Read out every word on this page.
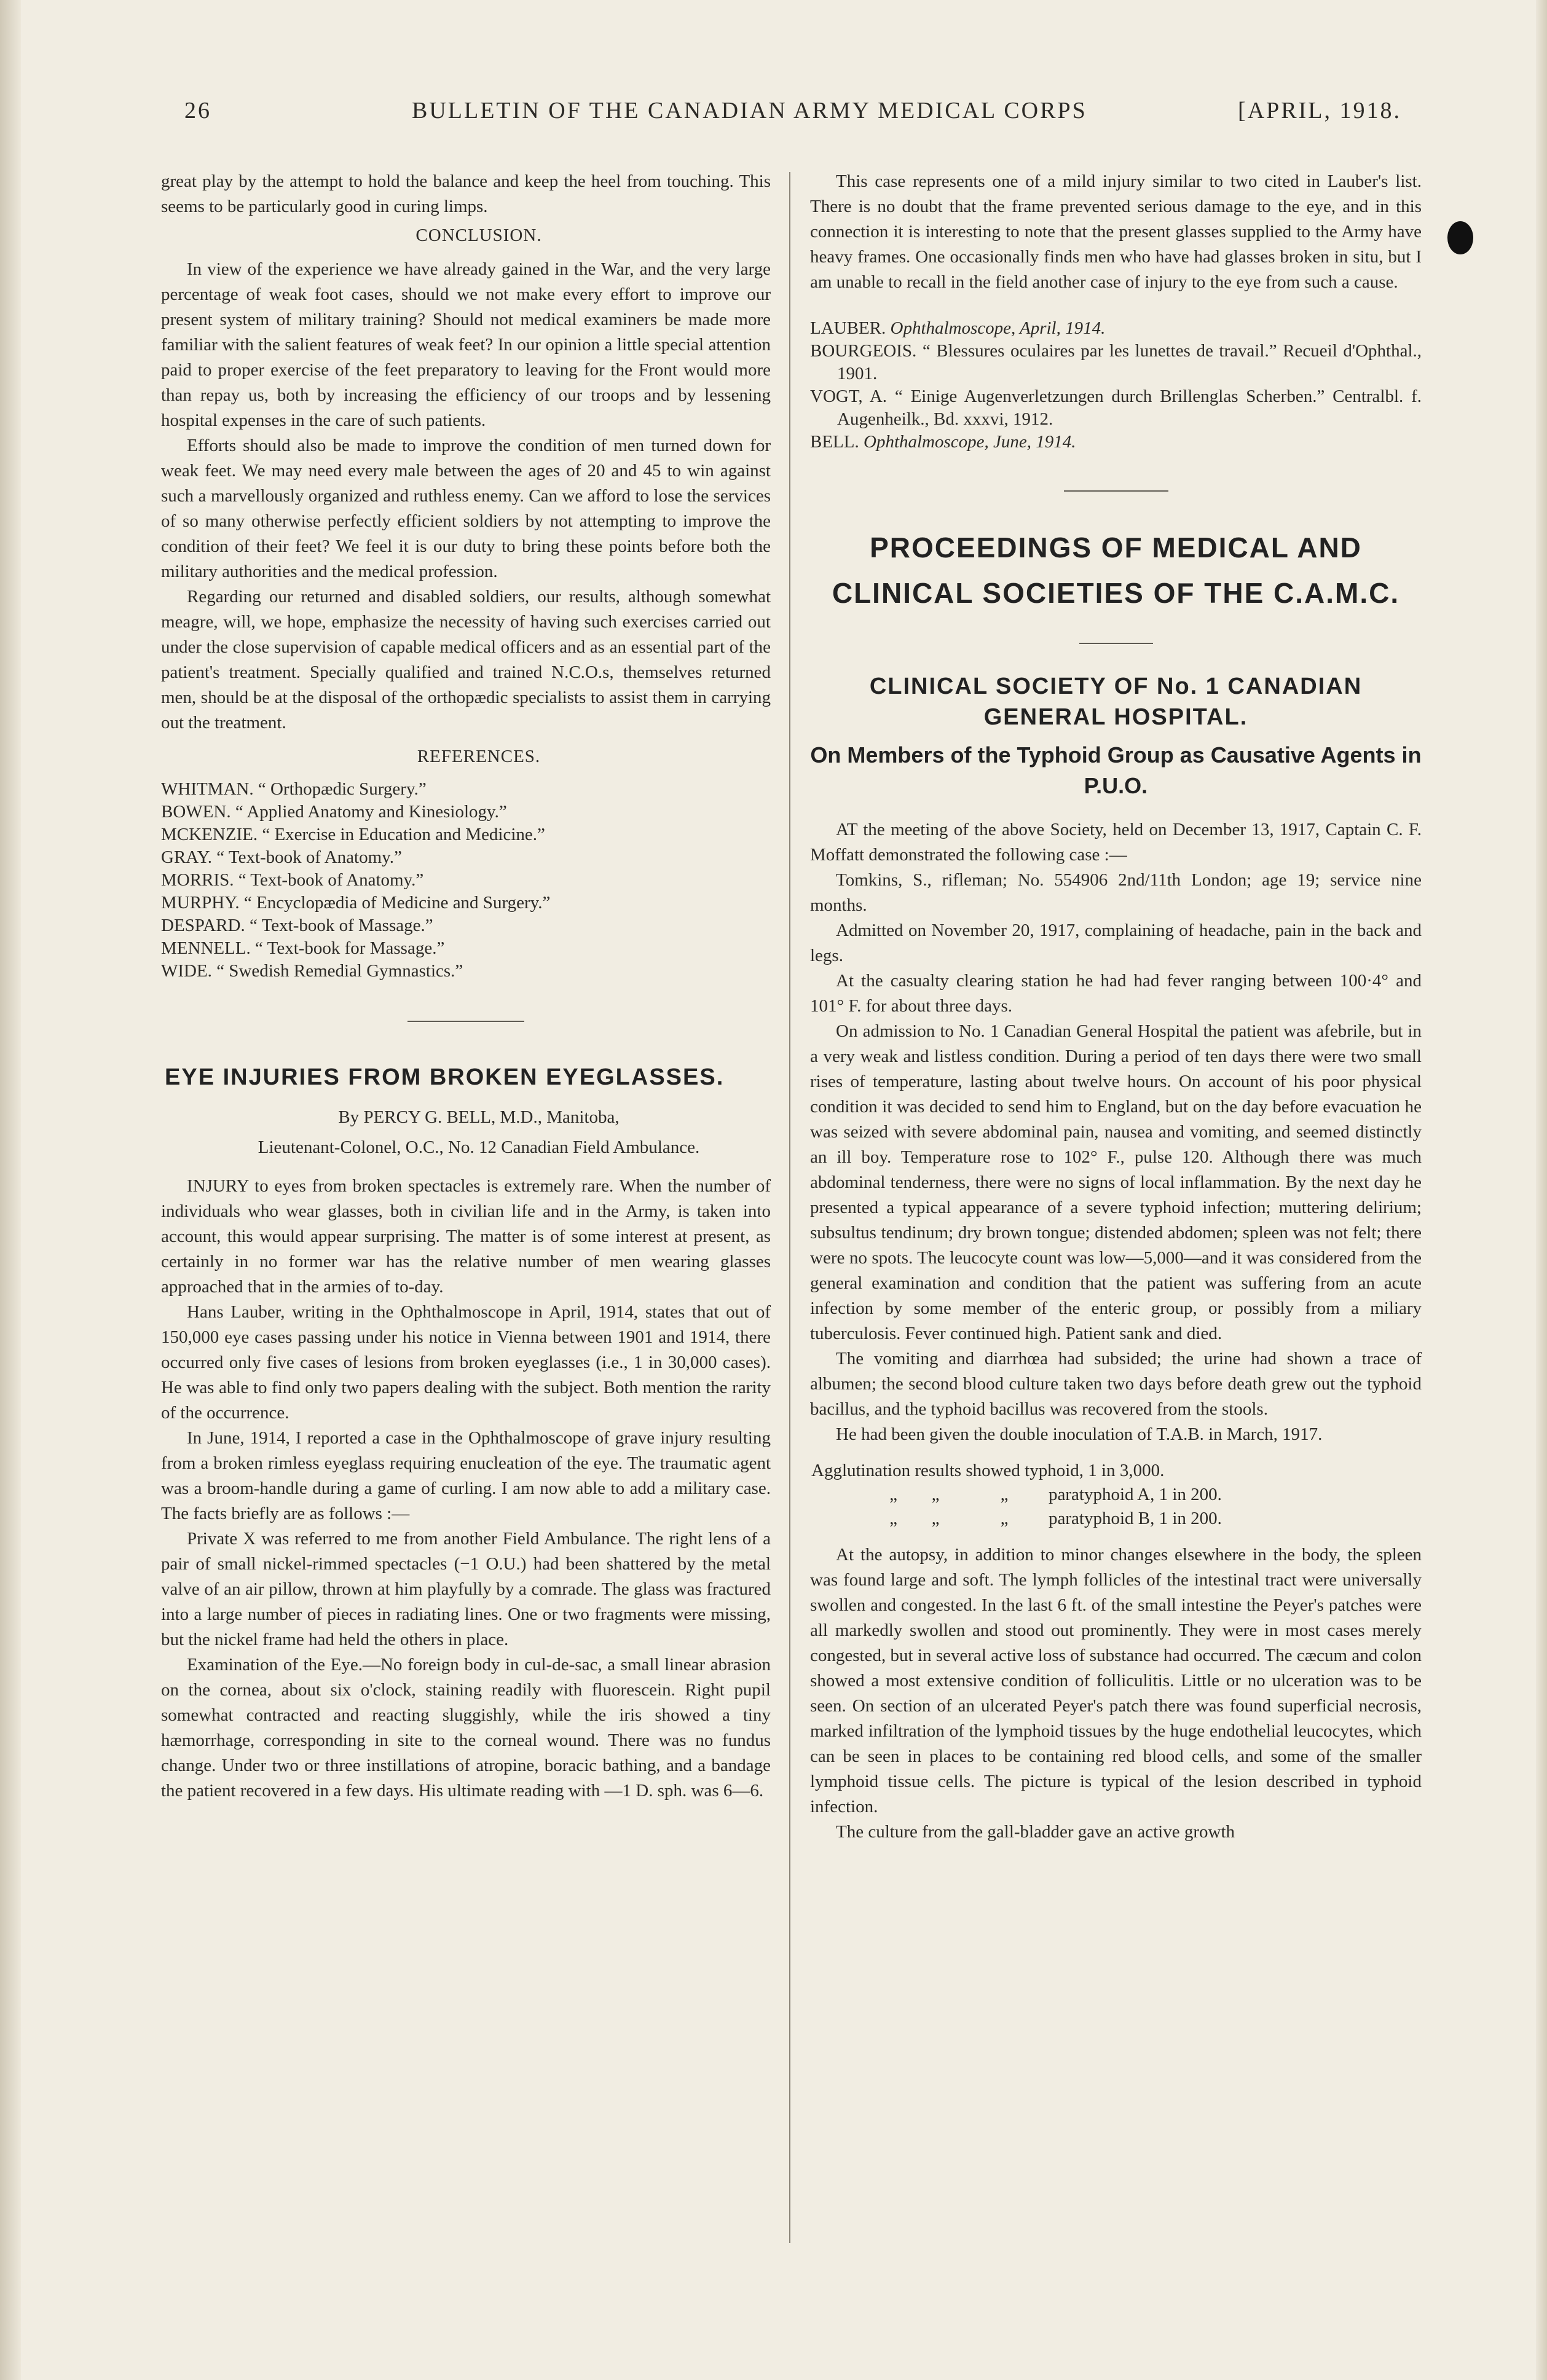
26	BULLETIN OF THE CANADIAN ARMY MEDICAL CORPS	[APRIL, 1918.

great play by the attempt to hold the balance and keep the heel from touching. This seems to be particularly good in curing limps.

CONCLUSION.

In view of the experience we have already gained in the War, and the very large percentage of weak foot cases, should we not make every effort to improve our present system of military training? Should not medical examiners be made more familiar with the salient features of weak feet? In our opinion a little special attention paid to proper exercise of the feet preparatory to leaving for the Front would more than repay us, both by increasing the efficiency of our troops and by lessening hospital expenses in the care of such patients.

Efforts should also be made to improve the condition of men turned down for weak feet. We may need every male between the ages of 20 and 45 to win against such a marvellously organized and ruthless enemy. Can we afford to lose the services of so many otherwise perfectly efficient soldiers by not attempting to improve the condition of their feet? We feel it is our duty to bring these points before both the military authorities and the medical profession.

Regarding our returned and disabled soldiers, our results, although somewhat meagre, will, we hope, emphasize the necessity of having such exercises carried out under the close supervision of capable medical officers and as an essential part of the patient's treatment. Specially qualified and trained N.C.O.s, themselves returned men, should be at the disposal of the orthopædic specialists to assist them in carrying out the treatment.

REFERENCES.

WHITMAN. “ Orthopædic Surgery.”
BOWEN. “ Applied Anatomy and Kinesiology.”
MCKENZIE. “ Exercise in Education and Medicine.”
GRAY. “ Text-book of Anatomy.”
MORRIS. “ Text-book of Anatomy.”
MURPHY. “ Encyclopædia of Medicine and Surgery.”
DESPARD. “ Text-book of Massage.”
MENNELL. “ Text-book for Massage.”
WIDE. “ Swedish Remedial Gymnastics.”
EYE INJURIES FROM BROKEN EYEGLASSES.

By PERCY G. BELL, M.D., Manitoba,

Lieutenant-Colonel, O.C., No. 12 Canadian Field Ambulance.

INJURY to eyes from broken spectacles is extremely rare. When the number of individuals who wear glasses, both in civilian life and in the Army, is taken into account, this would appear surprising. The matter is of some interest at present, as certainly in no former war has the relative number of men wearing glasses approached that in the armies of to-day.

Hans Lauber, writing in the Ophthalmoscope in April, 1914, states that out of 150,000 eye cases passing under his notice in Vienna between 1901 and 1914, there occurred only five cases of lesions from broken eyeglasses (i.e., 1 in 30,000 cases). He was able to find only two papers dealing with the subject. Both mention the rarity of the occurrence.

In June, 1914, I reported a case in the Ophthalmoscope of grave injury resulting from a broken rimless eyeglass requiring enucleation of the eye. The traumatic agent was a broom-handle during a game of curling. I am now able to add a military case. The facts briefly are as follows :—

Private X was referred to me from another Field Ambulance. The right lens of a pair of small nickel-rimmed spectacles (−1 O.U.) had been shattered by the metal valve of an air pillow, thrown at him playfully by a comrade. The glass was fractured into a large number of pieces in radiating lines. One or two fragments were missing, but the nickel frame had held the others in place.

Examination of the Eye.—No foreign body in cul-de-sac, a small linear abrasion on the cornea, about six o'clock, staining readily with fluorescein. Right pupil somewhat contracted and reacting sluggishly, while the iris showed a tiny hæmorrhage, corresponding in site to the corneal wound. There was no fundus change. Under two or three instillations of atropine, boracic bathing, and a bandage the patient recovered in a few days. His ultimate reading with —1 D. sph. was 6—6.

This case represents one of a mild injury similar to two cited in Lauber's list. There is no doubt that the frame prevented serious damage to the eye, and in this connection it is interesting to note that the present glasses supplied to the Army have heavy frames. One occasionally finds men who have had glasses broken in situ, but I am unable to recall in the field another case of injury to the eye from such a cause.

LAUBER. Ophthalmoscope, April, 1914.
BOURGEOIS. “ Blessures oculaires par les lunettes de travail.” Recueil d'Ophthal., 1901.
VOGT, A. “ Einige Augenverletzungen durch Brillenglas Scherben.” Centralbl. f. Augenheilk., Bd. xxxvi, 1912.
BELL. Ophthalmoscope, June, 1914.
PROCEEDINGS OF MEDICAL AND CLINICAL SOCIETIES OF THE C.A.M.C.
CLINICAL SOCIETY OF No. 1 CANADIAN GENERAL HOSPITAL.
On Members of the Typhoid Group as Causative Agents in P.U.O.

AT the meeting of the above Society, held on December 13, 1917, Captain C. F. Moffatt demonstrated the following case :—

Tomkins, S., rifleman; No. 554906 2nd/11th London; age 19; service nine months.

Admitted on November 20, 1917, complaining of headache, pain in the back and legs.

At the casualty clearing station he had had fever ranging between 100·4° and 101° F. for about three days.

On admission to No. 1 Canadian General Hospital the patient was afebrile, but in a very weak and listless condition. During a period of ten days there were two small rises of temperature, lasting about twelve hours. On account of his poor physical condition it was decided to send him to England, but on the day before evacuation he was seized with severe abdominal pain, nausea and vomiting, and seemed distinctly an ill boy. Temperature rose to 102° F., pulse 120. Although there was much abdominal tenderness, there were no signs of local inflammation. By the next day he presented a typical appearance of a severe typhoid infection; muttering delirium; subsultus tendinum; dry brown tongue; distended abdomen; spleen was not felt; there were no spots. The leucocyte count was low—5,000—and it was considered from the general examination and condition that the patient was suffering from an acute infection by some member of the enteric group, or possibly from a miliary tuberculosis. Fever continued high. Patient sank and died.

The vomiting and diarrhœa had subsided; the urine had shown a trace of albumen; the second blood culture taken two days before death grew out the typhoid bacillus, and the typhoid bacillus was recovered from the stools.

He had been given the double inoculation of T.A.B. in March, 1917.

Agglutination results showed typhoid, 1 in 3,000.			
„	„	„	paratyphoid A, 1 in 200.
„	„	„	paratyphoid B, 1 in 200.

At the autopsy, in addition to minor changes elsewhere in the body, the spleen was found large and soft. The lymph follicles of the intestinal tract were universally swollen and congested. In the last 6 ft. of the small intestine the Peyer's patches were all markedly swollen and stood out prominently. They were in most cases merely congested, but in several active loss of substance had occurred. The cæcum and colon showed a most extensive condition of folliculitis. Little or no ulceration was to be seen. On section of an ulcerated Peyer's patch there was found superficial necrosis, marked infiltration of the lymphoid tissues by the huge endothelial leucocytes, which can be seen in places to be containing red blood cells, and some of the smaller lymphoid tissue cells. The picture is typical of the lesion described in typhoid infection.

The culture from the gall-bladder gave an active growth
